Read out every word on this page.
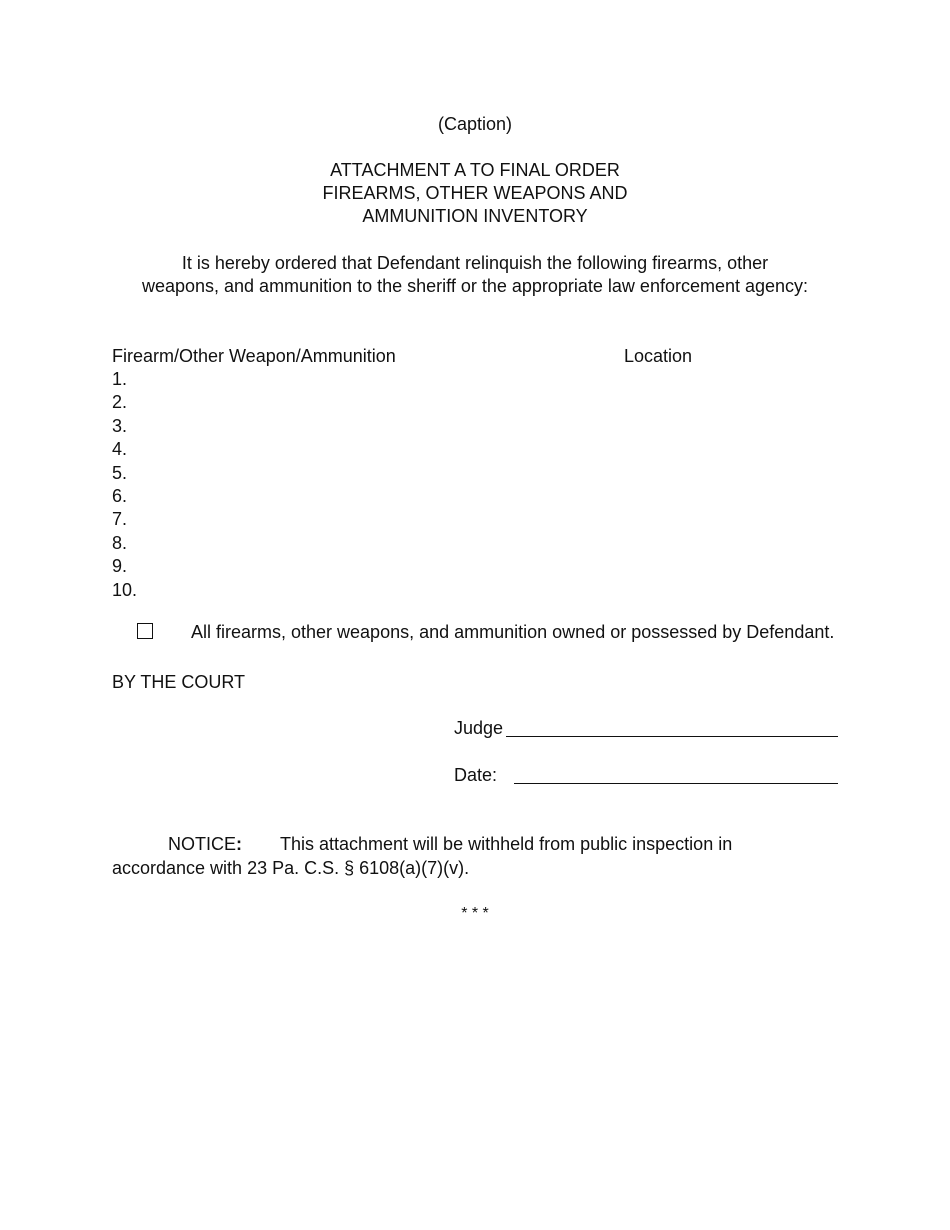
(Caption)
ATTACHMENT A TO FINAL ORDER
FIREARMS, OTHER WEAPONS AND
AMMUNITION INVENTORY
It is hereby ordered that Defendant relinquish the following firearms, other
weapons, and ammunition to the sheriff or the appropriate law enforcement agency:
Firearm/Other Weapon/Ammunition	Location
1.
2.
3.
4.
5.
6.
7.
8.
9.
10.
All firearms, other weapons, and ammunition owned or possessed by Defendant.
BY THE COURT
Judge
Date:
NOTICE: This attachment will be withheld from public inspection in
accordance with 23 Pa. C.S. § 6108(a)(7)(v).
* * *
